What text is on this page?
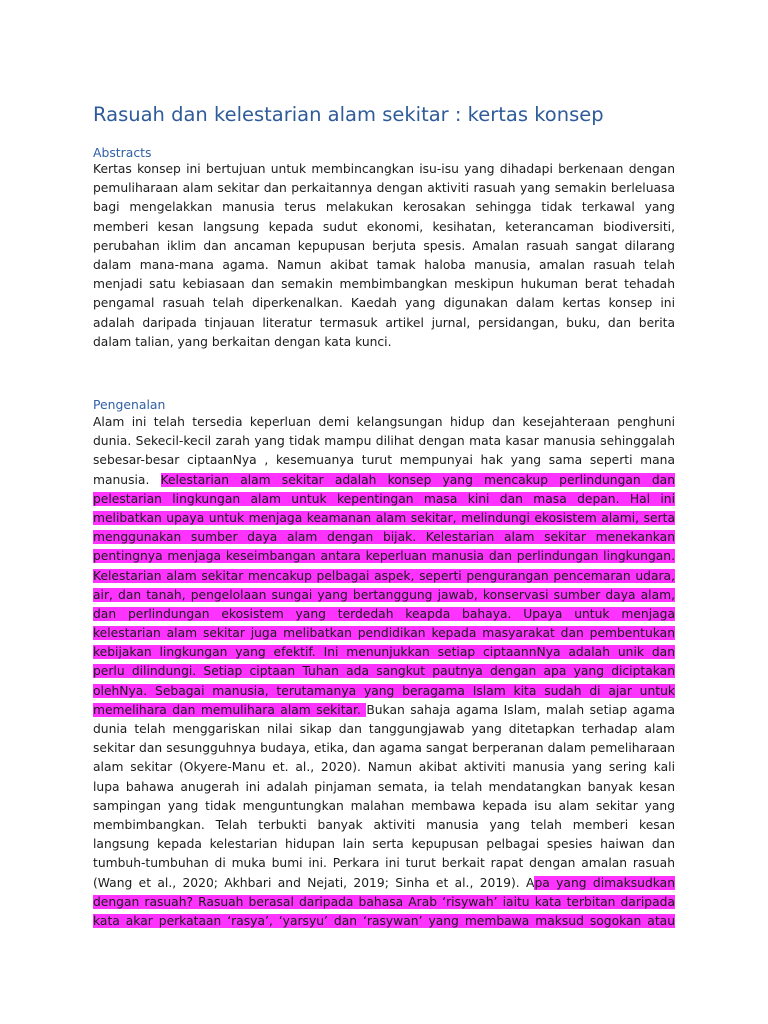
Rasuah dan kelestarian alam sekitar : kertas konsep
Abstracts
Kertas konsep ini bertujuan untuk membincangkan isu-isu yang dihadapi berkenaan dengan
pemuliharaan alam sekitar dan perkaitannya dengan aktiviti rasuah yang semakin berleluasa
bagi mengelakkan manusia terus melakukan kerosakan sehingga tidak terkawal yang
memberi kesan langsung kepada sudut ekonomi, kesihatan, keterancaman biodiversiti,
perubahan iklim dan ancaman kepupusan berjuta spesis. Amalan rasuah sangat dilarang
dalam mana-mana agama. Namun akibat tamak haloba manusia, amalan rasuah telah
menjadi satu kebiasaan dan semakin membimbangkan meskipun hukuman berat tehadah
pengamal rasuah telah diperkenalkan. Kaedah yang digunakan dalam kertas konsep ini
adalah daripada tinjauan literatur termasuk artikel jurnal, persidangan, buku, dan berita
dalam talian, yang berkaitan dengan kata kunci.
Pengenalan
Alam ini telah tersedia keperluan demi kelangsungan hidup dan kesejahteraan penghuni
dunia. Sekecil-kecil zarah yang tidak mampu dilihat dengan mata kasar manusia sehinggalah
sebesar-besar ciptaanNya , kesemuanya turut mempunyai hak yang sama seperti mana
manusia. Kelestarian alam sekitar adalah konsep yang mencakup perlindungan dan
pelestarian lingkungan alam untuk kepentingan masa kini dan masa depan. Hal ini
melibatkan upaya untuk menjaga keamanan alam sekitar, melindungi ekosistem alami, serta
menggunakan sumber daya alam dengan bijak. Kelestarian alam sekitar menekankan
pentingnya menjaga keseimbangan antara keperluan manusia dan perlindungan lingkungan.
Kelestarian alam sekitar mencakup pelbagai aspek, seperti pengurangan pencemaran udara,
air, dan tanah, pengelolaan sungai yang bertanggung jawab, konservasi sumber daya alam,
dan perlindungan ekosistem yang terdedah keapda bahaya. Upaya untuk menjaga
kelestarian alam sekitar juga melibatkan pendidikan kepada masyarakat dan pembentukan
kebijakan lingkungan yang efektif. Ini menunjukkan setiap ciptaannNya adalah unik dan
perlu dilindungi. Setiap ciptaan Tuhan ada sangkut pautnya dengan apa yang diciptakan
olehNya. Sebagai manusia, terutamanya yang beragama Islam kita sudah di ajar untuk
memelihara dan memulihara alam sekitar. Bukan sahaja agama Islam, malah setiap agama
dunia telah menggariskan nilai sikap dan tanggungjawab yang ditetapkan terhadap alam
sekitar dan sesungguhnya budaya, etika, dan agama sangat berperanan dalam pemeliharaan
alam sekitar (Okyere-Manu et. al., 2020). Namun akibat aktiviti manusia yang sering kali
lupa bahawa anugerah ini adalah pinjaman semata, ia telah mendatangkan banyak kesan
sampingan yang tidak menguntungkan malahan membawa kepada isu alam sekitar yang
membimbangkan. Telah terbukti banyak aktiviti manusia yang telah memberi kesan
langsung kepada kelestarian hidupan lain serta kepupusan pelbagai spesies haiwan dan
tumbuh-tumbuhan di muka bumi ini. Perkara ini turut berkait rapat dengan amalan rasuah
(Wang et al., 2020; Akhbari and Nejati, 2019; Sinha et al., 2019). Apa yang dimaksudkan
dengan rasuah? Rasuah berasal daripada bahasa Arab ‘risywah’ iaitu kata terbitan daripada
kata akar perkataan ‘rasya’, ‘yarsyu’ dan ‘rasywan’ yang membawa maksud sogokan atau
